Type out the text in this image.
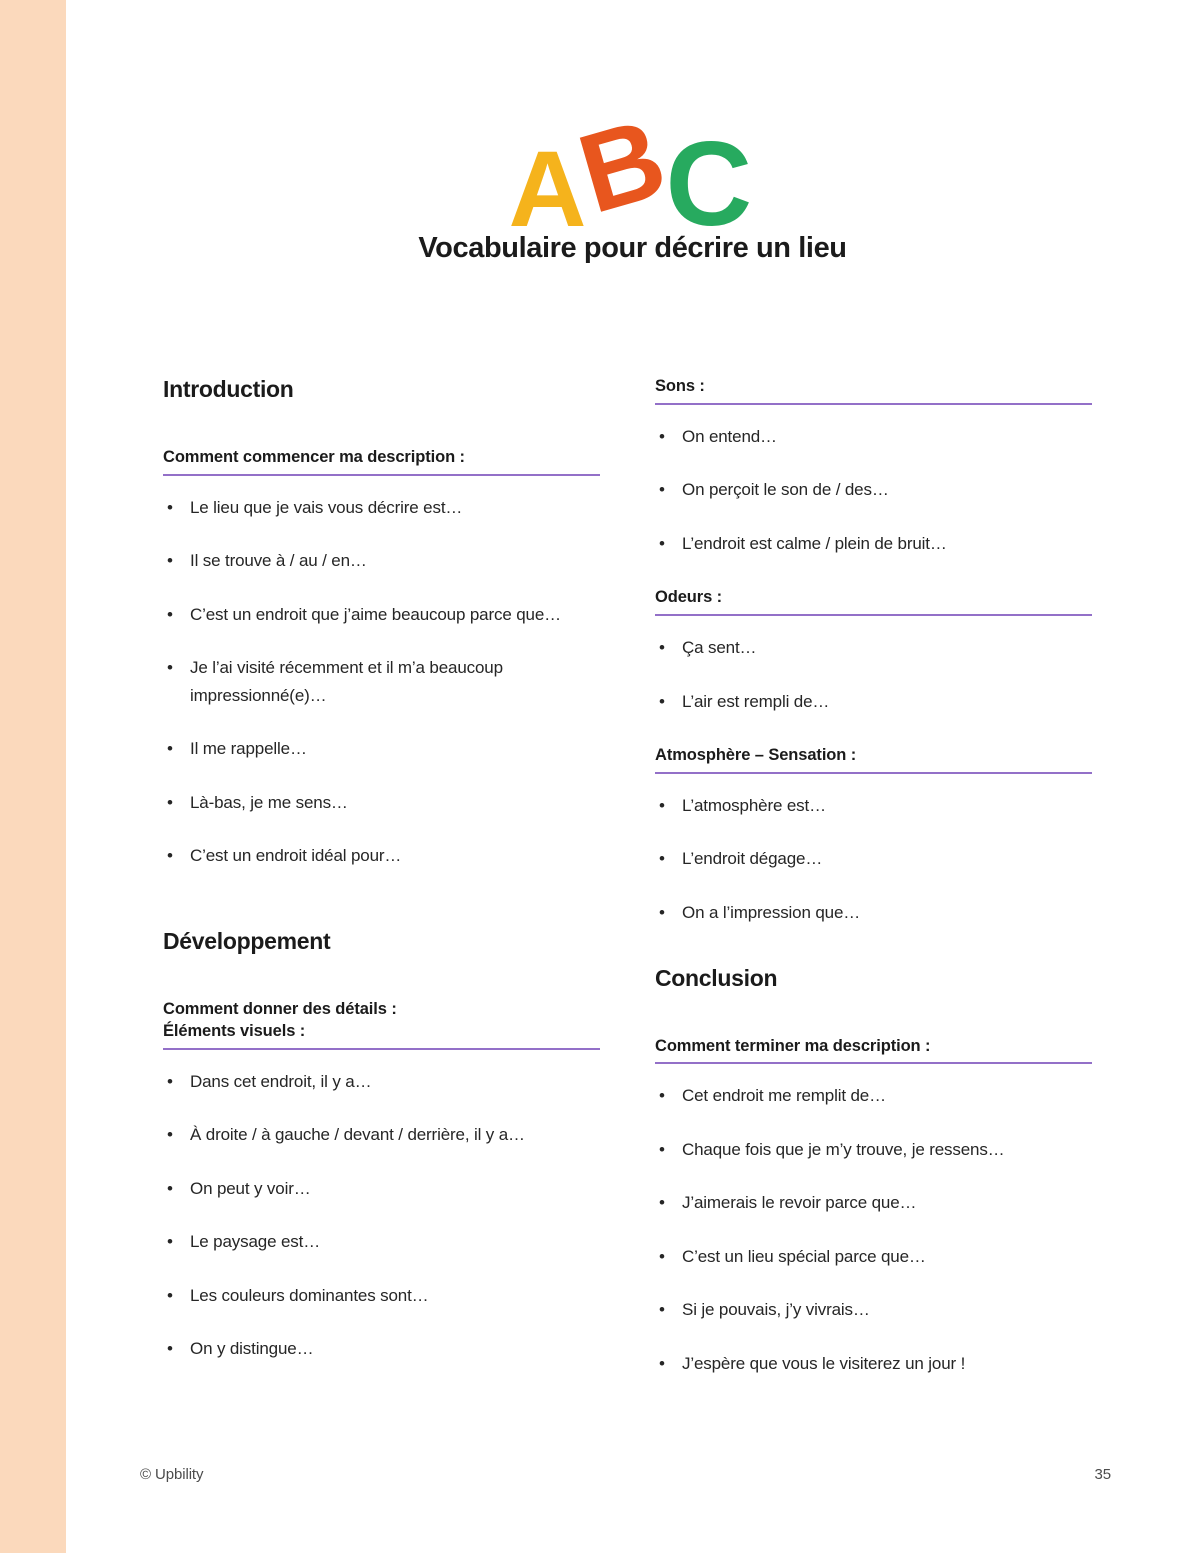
A
B
C
Vocabulaire pour décrire un lieu
Introduction
Comment commencer ma description :
• Le lieu que je vais vous décrire est…
• Il se trouve à / au / en…
• C’est un endroit que j’aime beaucoup parce que…
• Je l’ai visité récemment et il m’a beaucoup impressionné(e)…
• Il me rappelle…
• Là-bas, je me sens…
• C’est un endroit idéal pour…
Développement
Comment donner des détails :
Éléments visuels :
• Dans cet endroit, il y a…
• À droite / à gauche / devant / derrière, il y a…
• On peut y voir…
• Le paysage est…
• Les couleurs dominantes sont…
• On y distingue…
Sons :
• On entend…
• On perçoit le son de / des…
• L’endroit est calme / plein de bruit…
Odeurs :
• Ça sent…
• L’air est rempli de…
Atmosphère – Sensation :
• L’atmosphère est…
• L’endroit dégage…
• On a l’impression que…
Conclusion
Comment terminer ma description :
• Cet endroit me remplit de…
• Chaque fois que je m’y trouve, je ressens…
• J’aimerais le revoir parce que…
• C’est un lieu spécial parce que…
• Si je pouvais, j’y vivrais…
• J’espère que vous le visiterez un jour !
© Upbility	35
